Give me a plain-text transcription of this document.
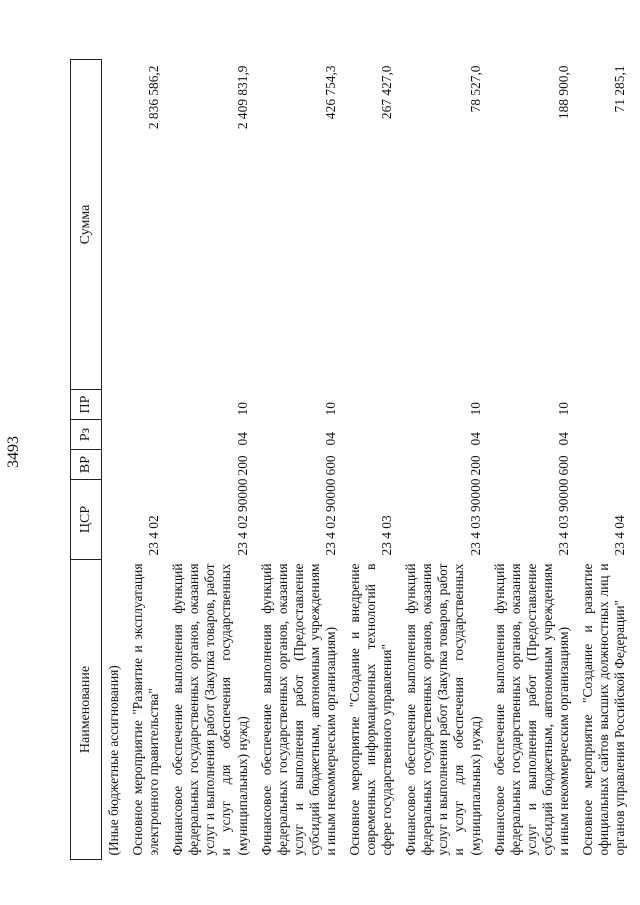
3493
Наименование	ЦСР	ВР	Рз	ПР	Сумма
(Иные бюджетные ассигнования)					
Основное мероприятие "Развитие и эксплуатация электронного правительства"	23 4 02				2 836 586,2
Финансовое обеспечение выполнения функций федеральных государственных органов, оказания услуг и выполнения работ (Закупка товаров, работ и услуг для обеспечения государственных (муниципальных) нужд)	23 4 02 90000	200	04	10	2 409 831,9
Финансовое обеспечение выполнения функций федеральных государственных органов, оказания услуг и выполнения работ (Предоставление субсидий бюджетным, автономным учреждениям и иным некоммерческим организациям)	23 4 02 90000	600	04	10	426 754,3
Основное мероприятие "Создание и внедрение современных информационных технологий в сфере государственного управления"	23 4 03				267 427,0
Финансовое обеспечение выполнения функций федеральных государственных органов, оказания услуг и выполнения работ (Закупка товаров, работ и услуг для обеспечения государственных (муниципальных) нужд)	23 4 03 90000	200	04	10	78 527,0
Финансовое обеспечение выполнения функций федеральных государственных органов, оказания услуг и выполнения работ (Предоставление субсидий бюджетным, автономным учреждениям и иным некоммерческим организациям)	23 4 03 90000	600	04	10	188 900,0
Основное мероприятие "Создание и развитие официальных сайтов высших должностных лиц и органов управления Российской Федерации"	23 4 04				71 285,1
